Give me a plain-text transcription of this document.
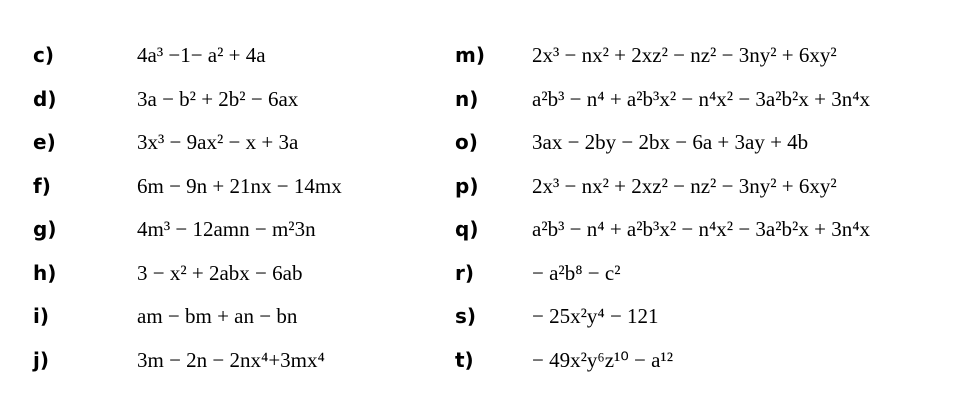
c)	4a³ −1− a² + 4a
d)	3a − b² + 2b² − 6ax
e)	3x³ − 9ax² − x + 3a
f)	6m − 9n + 21nx − 14mx
g)	4m³ − 12amn − m²3n
h)	3 − x² + 2abx − 6ab
i)	am − bm + an − bn
j)	3m − 2n − 2nx⁴+3mx⁴
m) 2x³ − nx² + 2xz² − nz² − 3ny² + 6xy²
n)	a²b³ − n⁴ + a²b³x² − n⁴x² − 3a²b²x + 3n⁴x
o)	3ax − 2by − 2bx − 6a + 3ay + 4b
p)	2x³ − nx² + 2xz² − nz² − 3ny² + 6xy²
q)	a²b³ − n⁴ + a²b³x² − n⁴x² − 3a²b²x + 3n⁴x
r)	− a²b⁸ − c²
s)	− 25x²y⁴ − 121
t)	− 49x²y⁶z¹⁰ − a¹²
